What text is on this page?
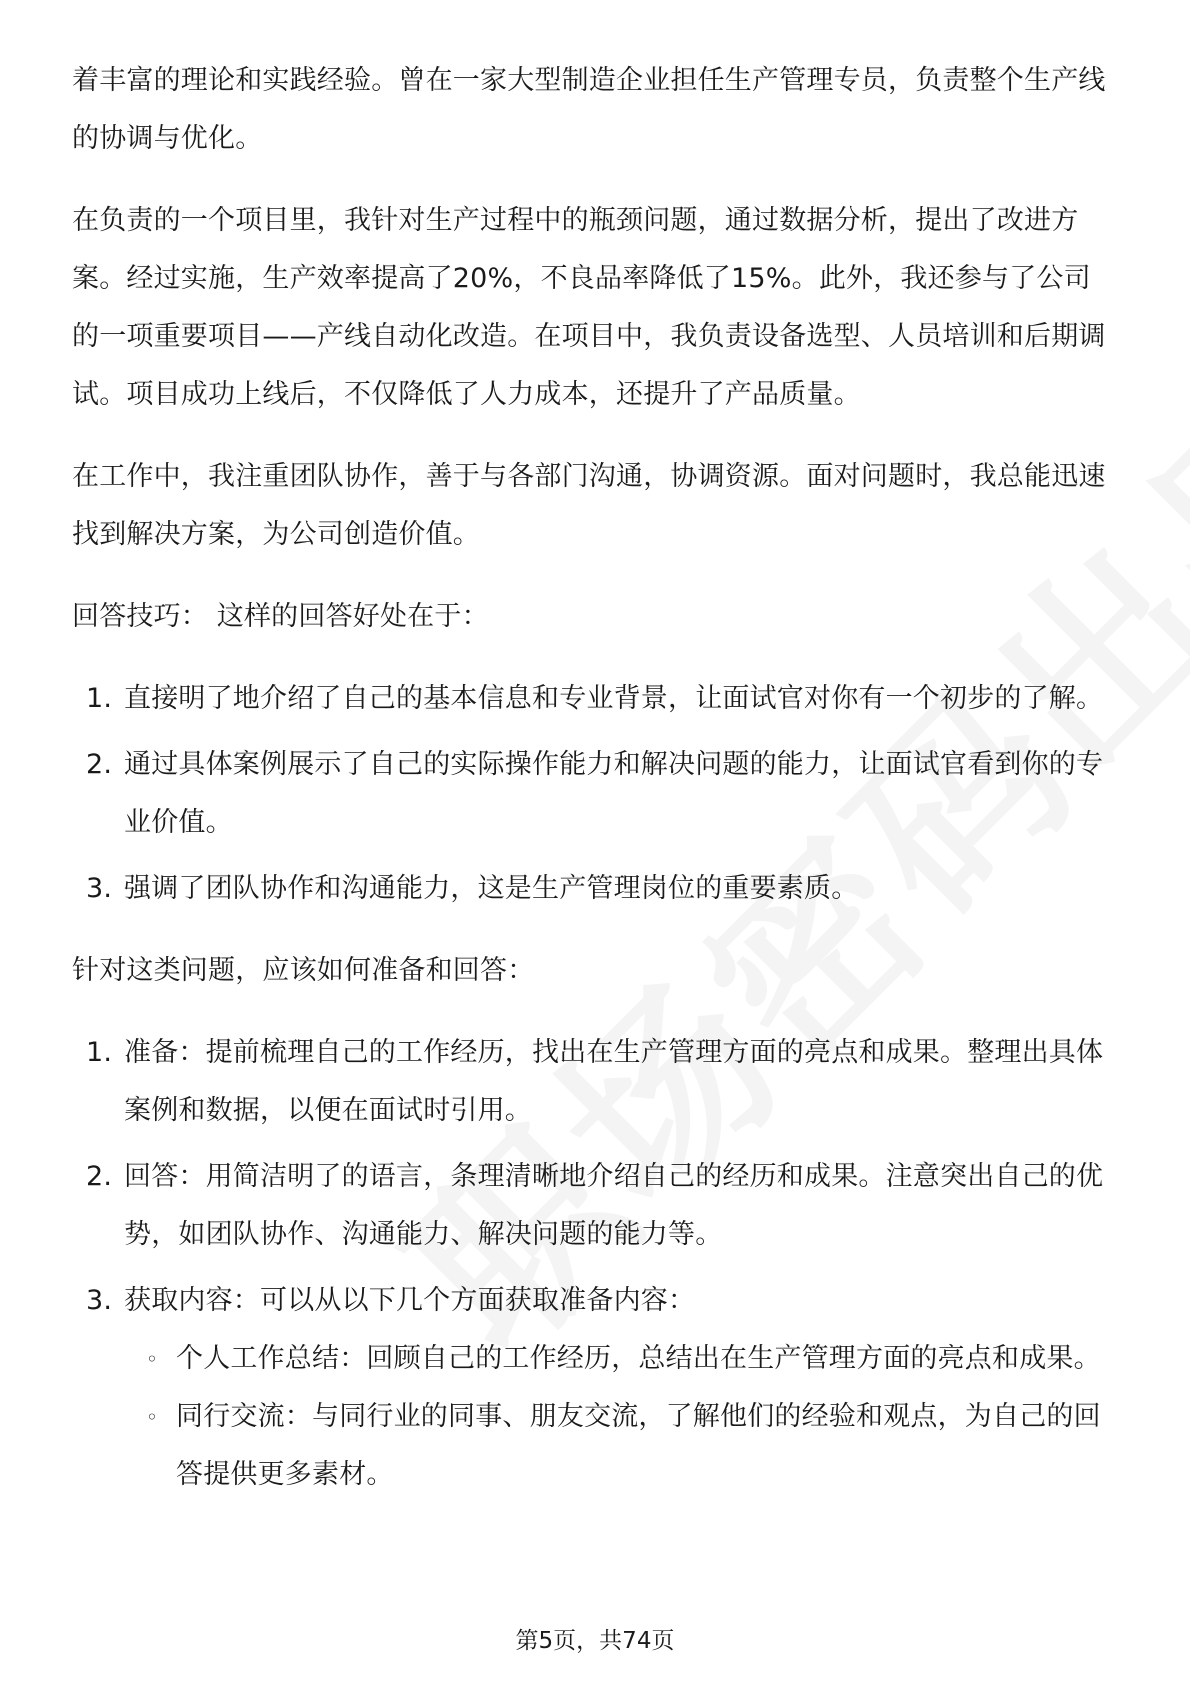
着丰富的理论和实践经验。曾在一家大型制造企业担任生产管理专员，负责整个生产线的协调与优化。

在负责的一个项目里，我针对生产过程中的瓶颈问题，通过数据分析，提出了改进方案。经过实施，生产效率提高了20%，不良品率降低了15%。此外，我还参与了公司的一项重要项目——产线自动化改造。在项目中，我负责设备选型、人员培训和后期调试。项目成功上线后，不仅降低了人力成本，还提升了产品质量。

在工作中，我注重团队协作，善于与各部门沟通，协调资源。面对问题时，我总能迅速找到解决方案，为公司创造价值。

回答技巧： 这样的回答好处在于：

1. 直接明了地介绍了自己的基本信息和专业背景，让面试官对你有一个初步的了解。
2. 通过具体案例展示了自己的实际操作能力和解决问题的能力，让面试官看到你的专业价值。
3. 强调了团队协作和沟通能力，这是生产管理岗位的重要素质。

针对这类问题，应该如何准备和回答：

1. 准备：提前梳理自己的工作经历，找出在生产管理方面的亮点和成果。整理出具体案例和数据，以便在面试时引用。
2. 回答：用简洁明了的语言，条理清晰地介绍自己的经历和成果。注意突出自己的优势，如团队协作、沟通能力、解决问题的能力等。
3. 获取内容：可以从以下几个方面获取准备内容：
◦ 个人工作总结：回顾自己的工作经历，总结出在生产管理方面的亮点和成果。
◦ 同行交流：与同行业的同事、朋友交流，了解他们的经验和观点，为自己的回答提供更多素材。
第5页，共74页
